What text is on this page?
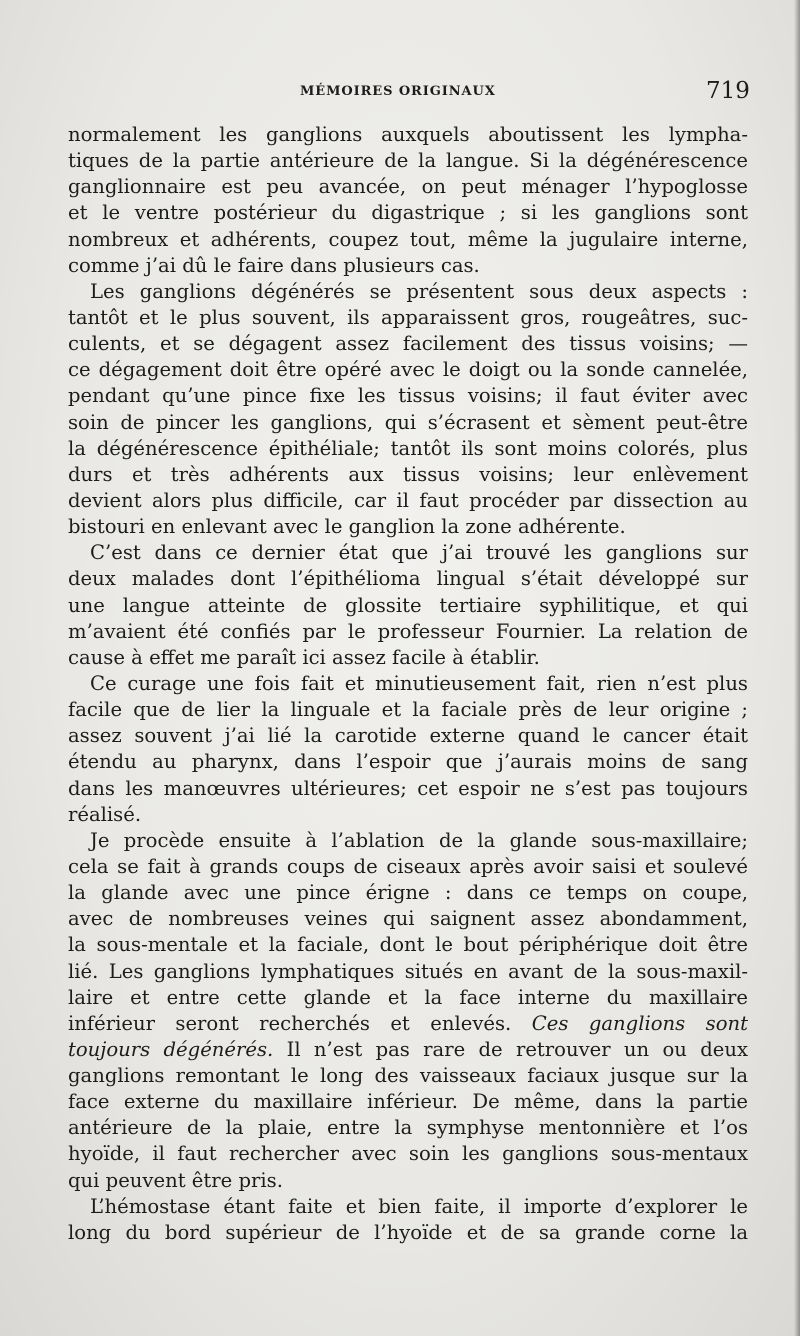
MÉMOIRES ORIGINAUX	719
normalement les ganglions auxquels aboutissent les lympha-
tiques de la partie antérieure de la langue. Si la dégénérescence
ganglionnaire est peu avancée, on peut ménager l’hypoglosse
et le ventre postérieur du digastrique ; si les ganglions sont
nombreux et adhérents, coupez tout, même la jugulaire interne,
comme j’ai dû le faire dans plusieurs cas.
Les ganglions dégénérés se présentent sous deux aspects :
tantôt et le plus souvent, ils apparaissent gros, rougeâtres, suc-
culents, et se dégagent assez facilement des tissus voisins; —
ce dégagement doit être opéré avec le doigt ou la sonde cannelée,
pendant qu’une pince fixe les tissus voisins; il faut éviter avec
soin de pincer les ganglions, qui s’écrasent et sèment peut-être
la dégénérescence épithéliale; tantôt ils sont moins colorés, plus
durs et très adhérents aux tissus voisins; leur enlèvement
devient alors plus difficile, car il faut procéder par dissection au
bistouri en enlevant avec le ganglion la zone adhérente.
C’est dans ce dernier état que j’ai trouvé les ganglions sur
deux malades dont l’épithélioma lingual s’était développé sur
une langue atteinte de glossite tertiaire syphilitique, et qui
m’avaient été confiés par le professeur Fournier. La relation de
cause à effet me paraît ici assez facile à établir.
Ce curage une fois fait et minutieusement fait, rien n’est plus
facile que de lier la linguale et la faciale près de leur origine ;
assez souvent j’ai lié la carotide externe quand le cancer était
étendu au pharynx, dans l’espoir que j’aurais moins de sang
dans les manœuvres ultérieures; cet espoir ne s’est pas toujours
réalisé.
Je procède ensuite à l’ablation de la glande sous-maxillaire;
cela se fait à grands coups de ciseaux après avoir saisi et soulevé
la glande avec une pince érigne : dans ce temps on coupe,
avec de nombreuses veines qui saignent assez abondamment,
la sous-mentale et la faciale, dont le bout périphérique doit être
lié. Les ganglions lymphatiques situés en avant de la sous-maxil-
laire et entre cette glande et la face interne du maxillaire
inférieur seront recherchés et enlevés. Ces ganglions sont
toujours dégénérés. Il n’est pas rare de retrouver un ou deux
ganglions remontant le long des vaisseaux faciaux jusque sur la
face externe du maxillaire inférieur. De même, dans la partie
antérieure de la plaie, entre la symphyse mentonnière et l’os
hyoïde, il faut rechercher avec soin les ganglions sous-mentaux
qui peuvent être pris.
L’hémostase étant faite et bien faite, il importe d’explorer le
long du bord supérieur de l’hyoïde et de sa grande corne la
